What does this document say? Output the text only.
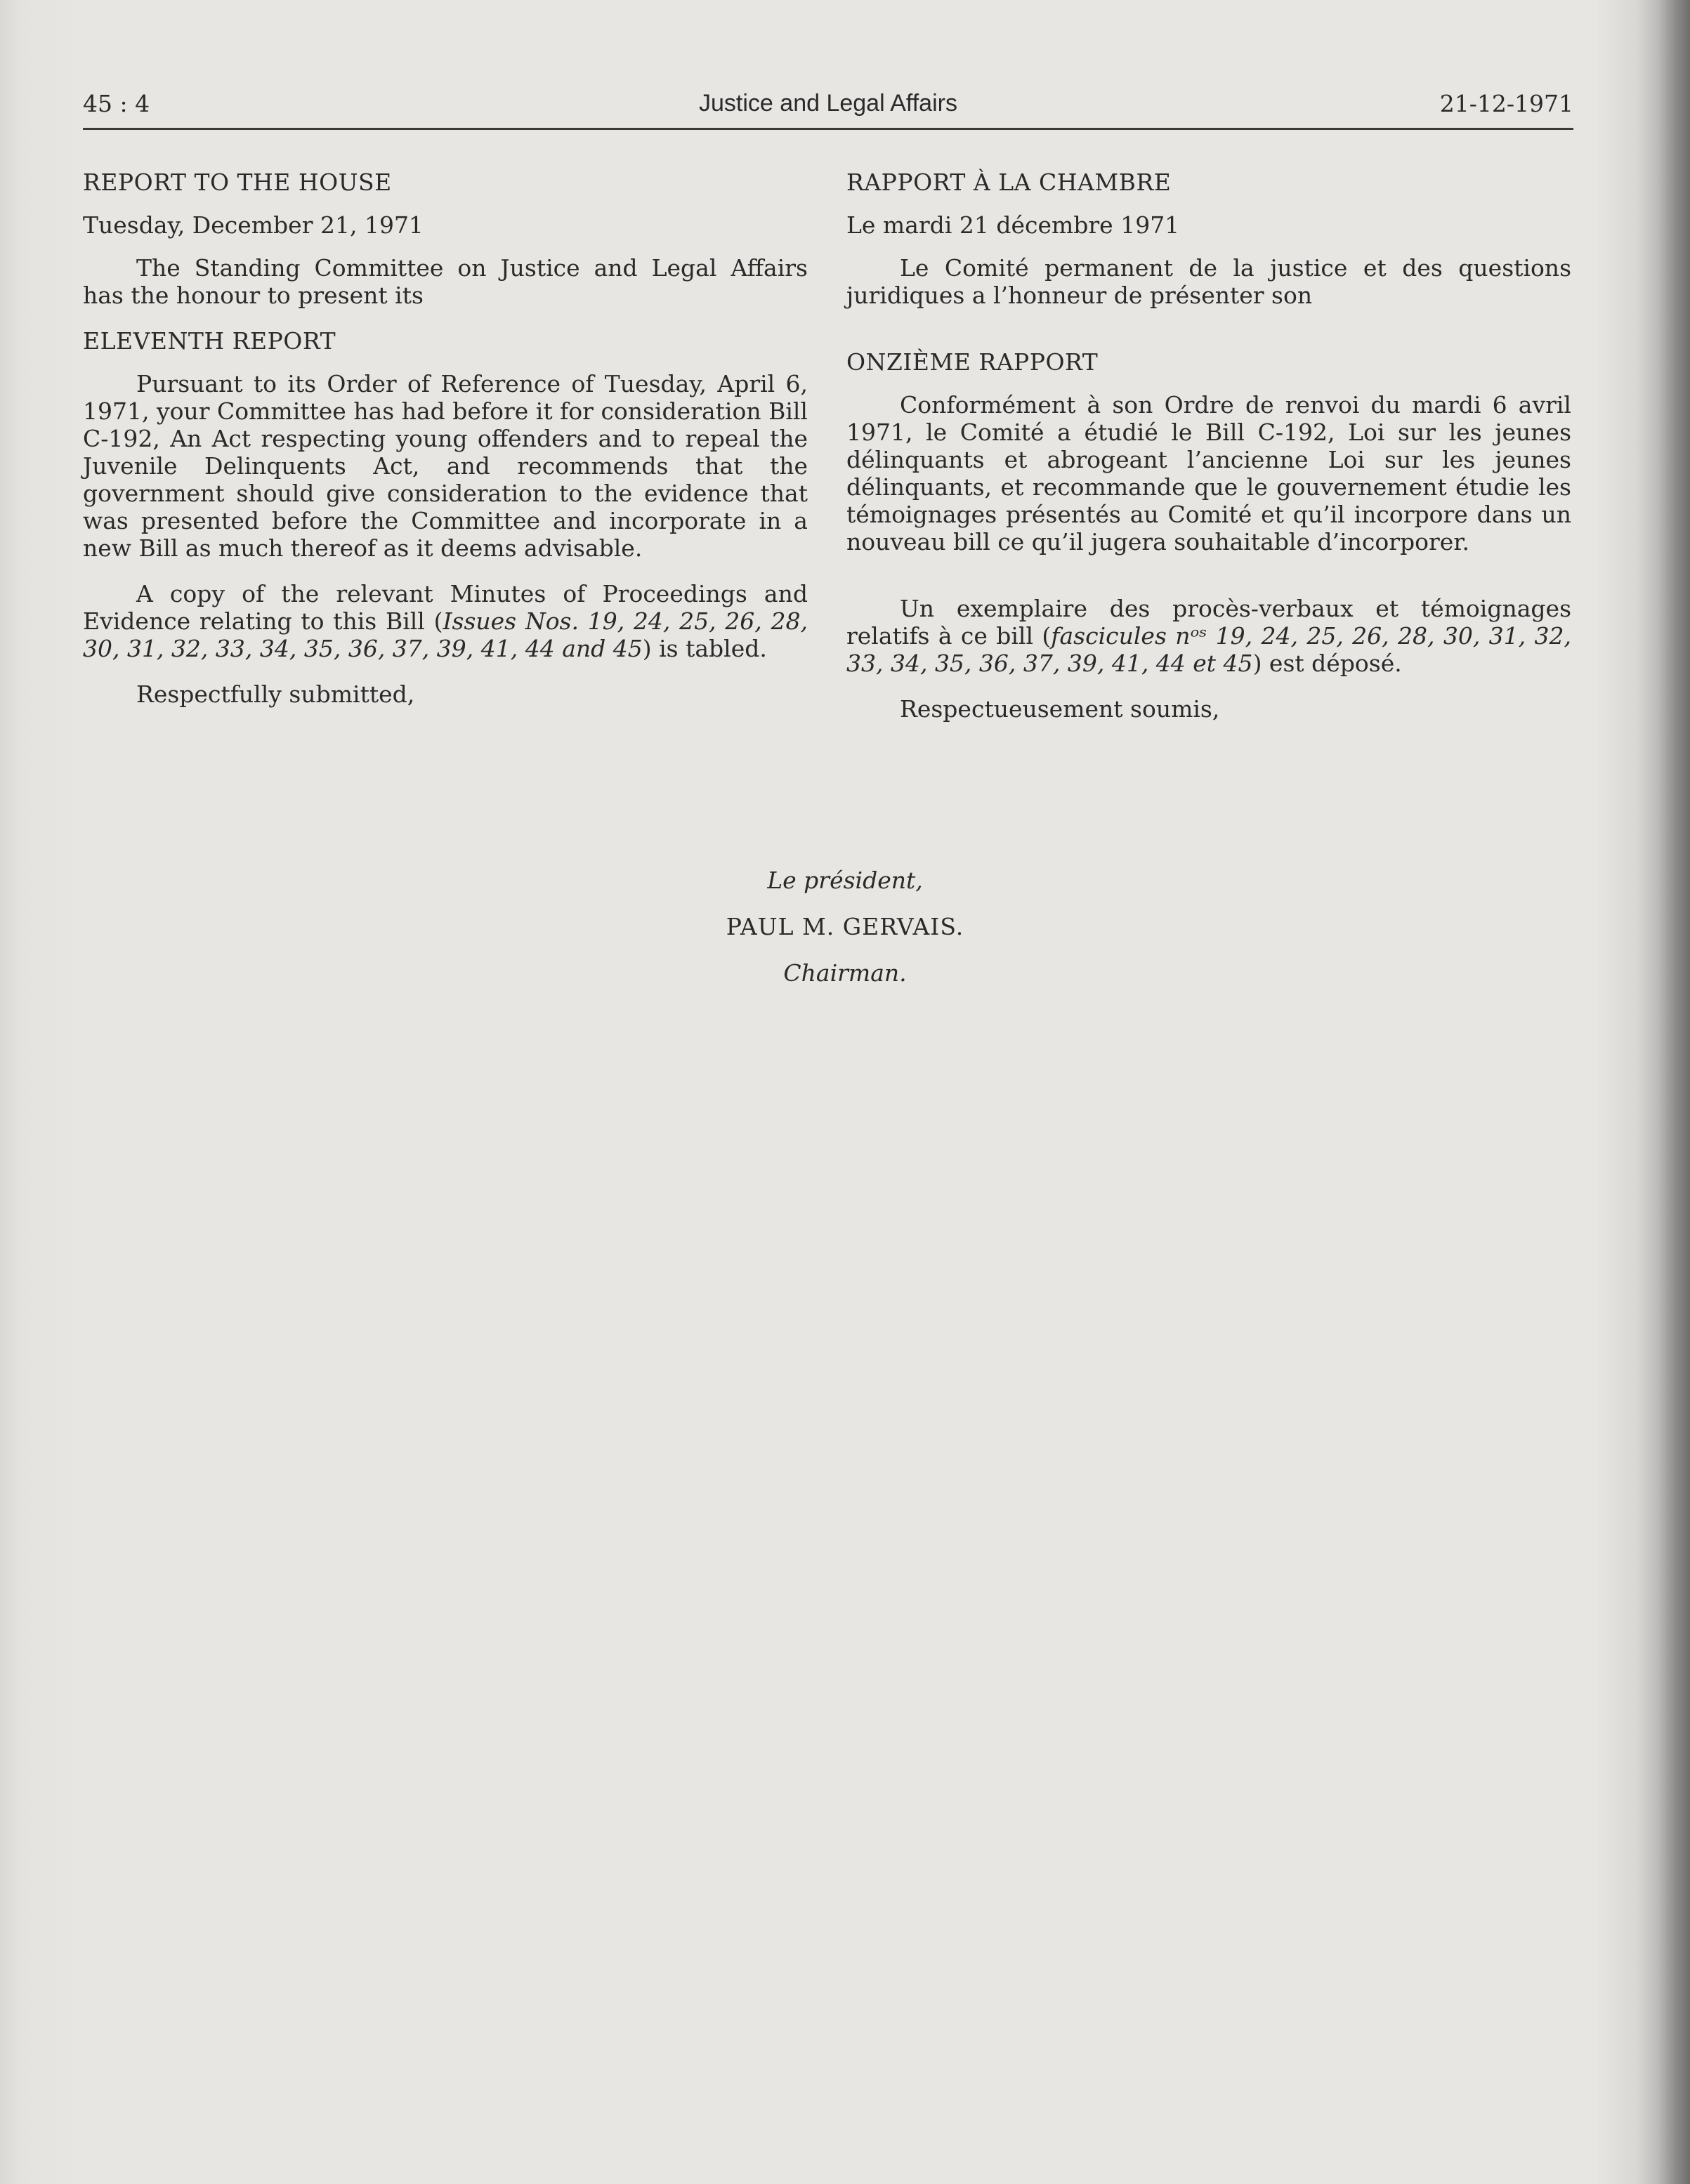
45 : 4	Justice and Legal Affairs	21-12-1971

REPORT TO THE HOUSE

Tuesday, December 21, 1971

The Standing Committee on Justice and Legal Affairs has the honour to present its

ELEVENTH REPORT

Pursuant to its Order of Reference of Tuesday, April 6, 1971, your Committee has had before it for consideration Bill C-192, An Act respecting young offenders and to repeal the Juvenile Delinquents Act, and recommends that the government should give consideration to the evidence that was presented before the Committee and incorporate in a new Bill as much thereof as it deems advisable.

A copy of the relevant Minutes of Proceedings and Evidence relating to this Bill (Issues Nos. 19, 24, 25, 26, 28, 30, 31, 32, 33, 34, 35, 36, 37, 39, 41, 44 and 45) is tabled.

Respectfully submitted,

RAPPORT À LA CHAMBRE

Le mardi 21 décembre 1971

Le Comité permanent de la justice et des questions juridiques a l’honneur de présenter son

ONZIÈME RAPPORT

Conformément à son Ordre de renvoi du mardi 6 avril 1971, le Comité a étudié le Bill C-192, Loi sur les jeunes délinquants et abrogeant l’ancienne Loi sur les jeunes délinquants, et recommande que le gouvernement étudie les témoignages présentés au Comité et qu’il incorpore dans un nouveau bill ce qu’il jugera souhaitable d’incorporer.

Un exemplaire des procès-verbaux et témoignages relatifs à ce bill (fascicules nᵒˢ 19, 24, 25, 26, 28, 30, 31, 32, 33, 34, 35, 36, 37, 39, 41, 44 et 45) est déposé.

Respectueusement soumis,

Le président,
PAUL M. GERVAIS.
Chairman.
